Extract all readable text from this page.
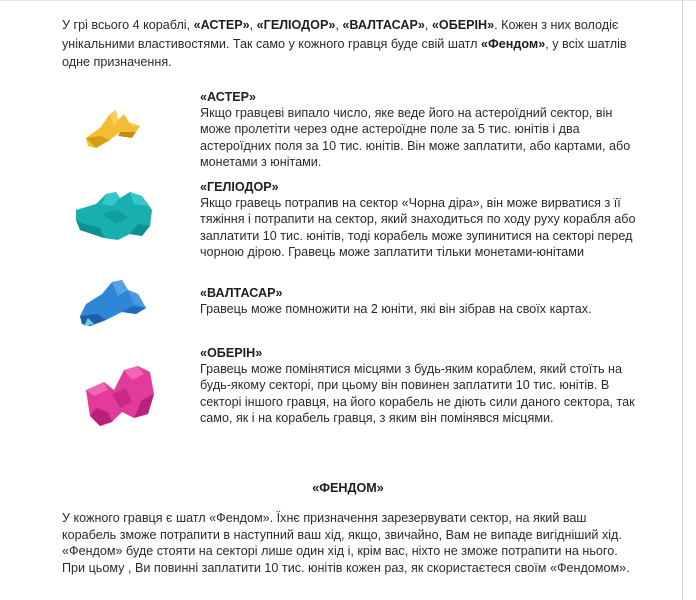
У грі всього 4 кораблі, «АСТЕР», «ГЕЛІОДОР», «ВАЛТАСАР», «ОБЕРІН». Кожен з них володіє унікальними властивостями. Так само у кожного гравця буде свій шатл «Фендом», у всіх шатлів одне призначення.

«АСТЕР»

Якщо гравцеві випало число, яке веде його на астероїдний сектор, він може пролетіти через одне астероїдне поле за 5 тис. юнітів і два астероїдних поля за 10 тис. юнітів. Він може заплатити, або картами, або монетами з юнітами.

«ГЕЛІОДОР»

Якщо гравець потрапив на сектор «Чорна діра», він може вирватися з її тяжіння і потрапити на сектор, який знаходиться по ходу руху корабля або заплатити 10 тис. юнітів, тоді корабель може зупинитися на секторі перед чорною дірою. Гравець може заплатити тільки монетами-юнітами

«ВАЛТАСАР»

Гравець може помножити на 2 юніти, які він зібрав на своїх картах.

«ОБЕРІН»

Гравець може помінятися місцями з будь-яким кораблем, який стоїть на будь-якому секторі, при цьому він повинен заплатити 10 тис. юнітів. В секторі іншого гравця, на його корабель не діють сили даного сектора, так само, як і на корабель гравця, з яким він помінявся місцями.

«ФЕНДОМ»

У кожного гравця є шатл «Фендом». Їхнє призначення зарезервувати сектор, на який ваш корабель зможе потрапити в наступний ваш хід, якщо, звичайно, Вам не випаде вигідніший хід. «Фендом» буде стояти на секторі лише один хід і, крім вас, ніхто не зможе потрапити на нього. При цьому , Ви повинні заплатити 10 тис. юнітів кожен раз, як скористаєтеся своїм «Фендомом».
